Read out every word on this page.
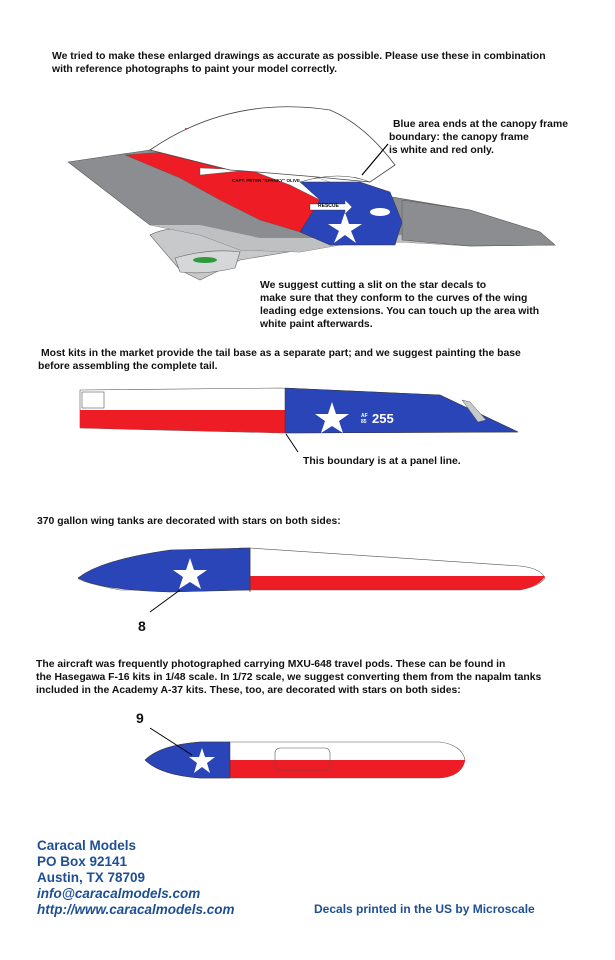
We tried to make these enlarged drawings as accurate as possible. Please use these in combination

with reference photographs to paint your model correctly.

Blue area ends at the canopy frame

boundary: the canopy frame

is white and red only.

RESCUE
CAPT. PETER "SPANKY" OLIVE

We suggest cutting a slit on the star decals to

make sure that they conform to the curves of the wing

leading edge extensions. You can touch up the area with

white paint afterwards.

Most kits in the market provide the tail base as a separate part; and we suggest painting the base

before assembling the complete tail.

AF
85 255

This boundary is at a panel line.

370 gallon wing tanks are decorated with stars on both sides:

8

The aircraft was frequently photographed carrying MXU-648 travel pods. These can be found in

the Hasegawa F-16 kits in 1/48 scale. In 1/72 scale, we suggest converting them from the napalm tanks

included in the Academy A-37 kits. These, too, are decorated with stars on both sides:

9

Caracal Models

PO Box 92141

Austin, TX 78709

info@caracalmodels.com

http://www.caracalmodels.com	Decals printed in the US by Microscale
